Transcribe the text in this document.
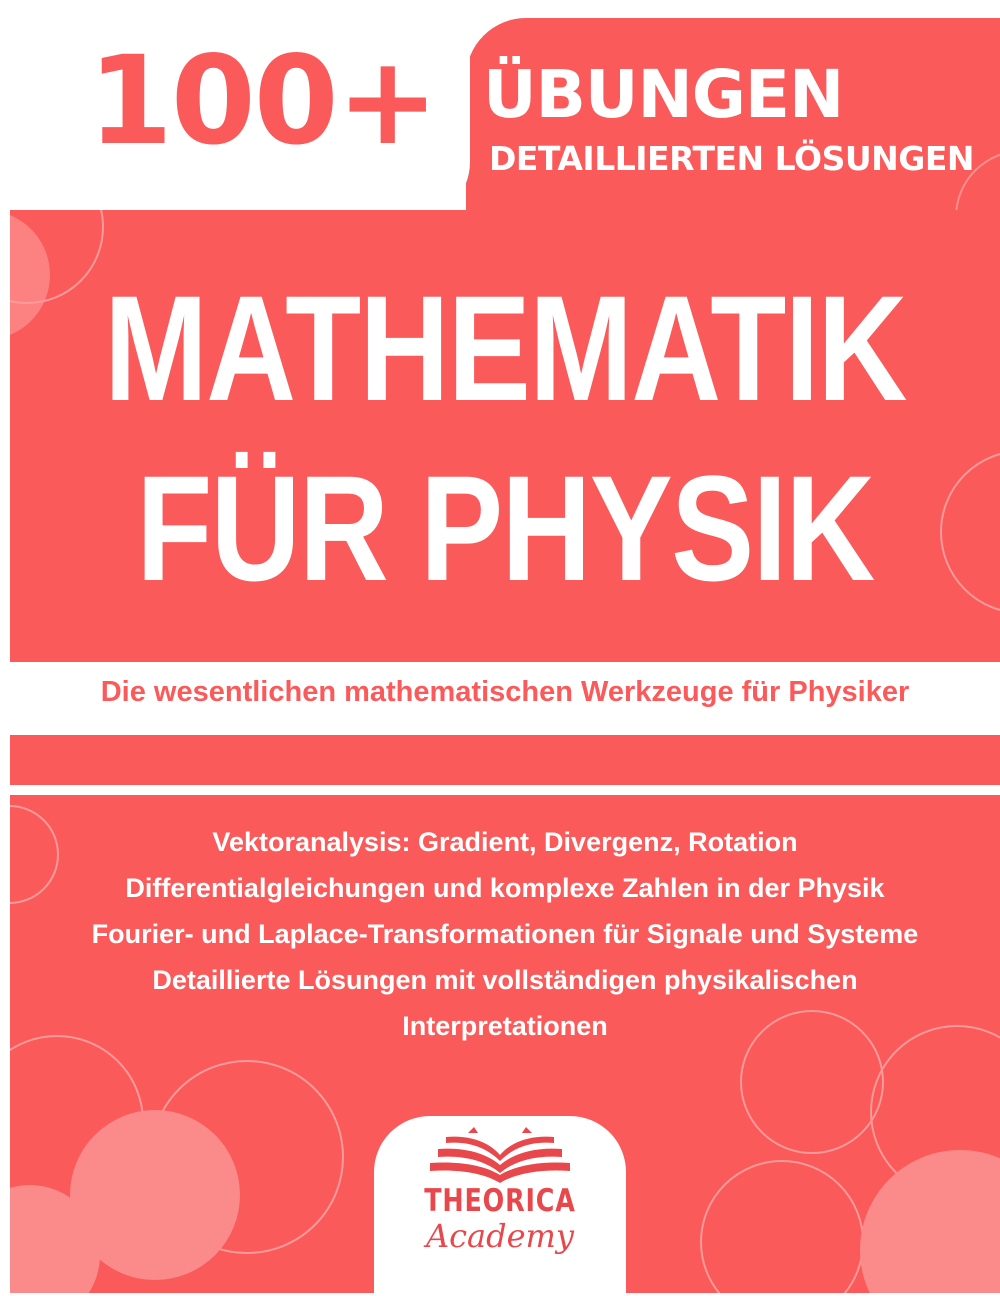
100+ ÜBUNGEN
DETAILLIERTEN LÖSUNGEN
MATHEMATIK
FÜR PHYSIK
Die wesentlichen mathematischen Werkzeuge für Physiker
Vektoranalysis: Gradient, Divergenz, Rotation
Differentialgleichungen und komplexe Zahlen in der Physik
Fourier- und Laplace-Transformationen für Signale und Systeme
Detaillierte Lösungen mit vollständigen physikalischen
Interpretationen
THEORICA
Academy
